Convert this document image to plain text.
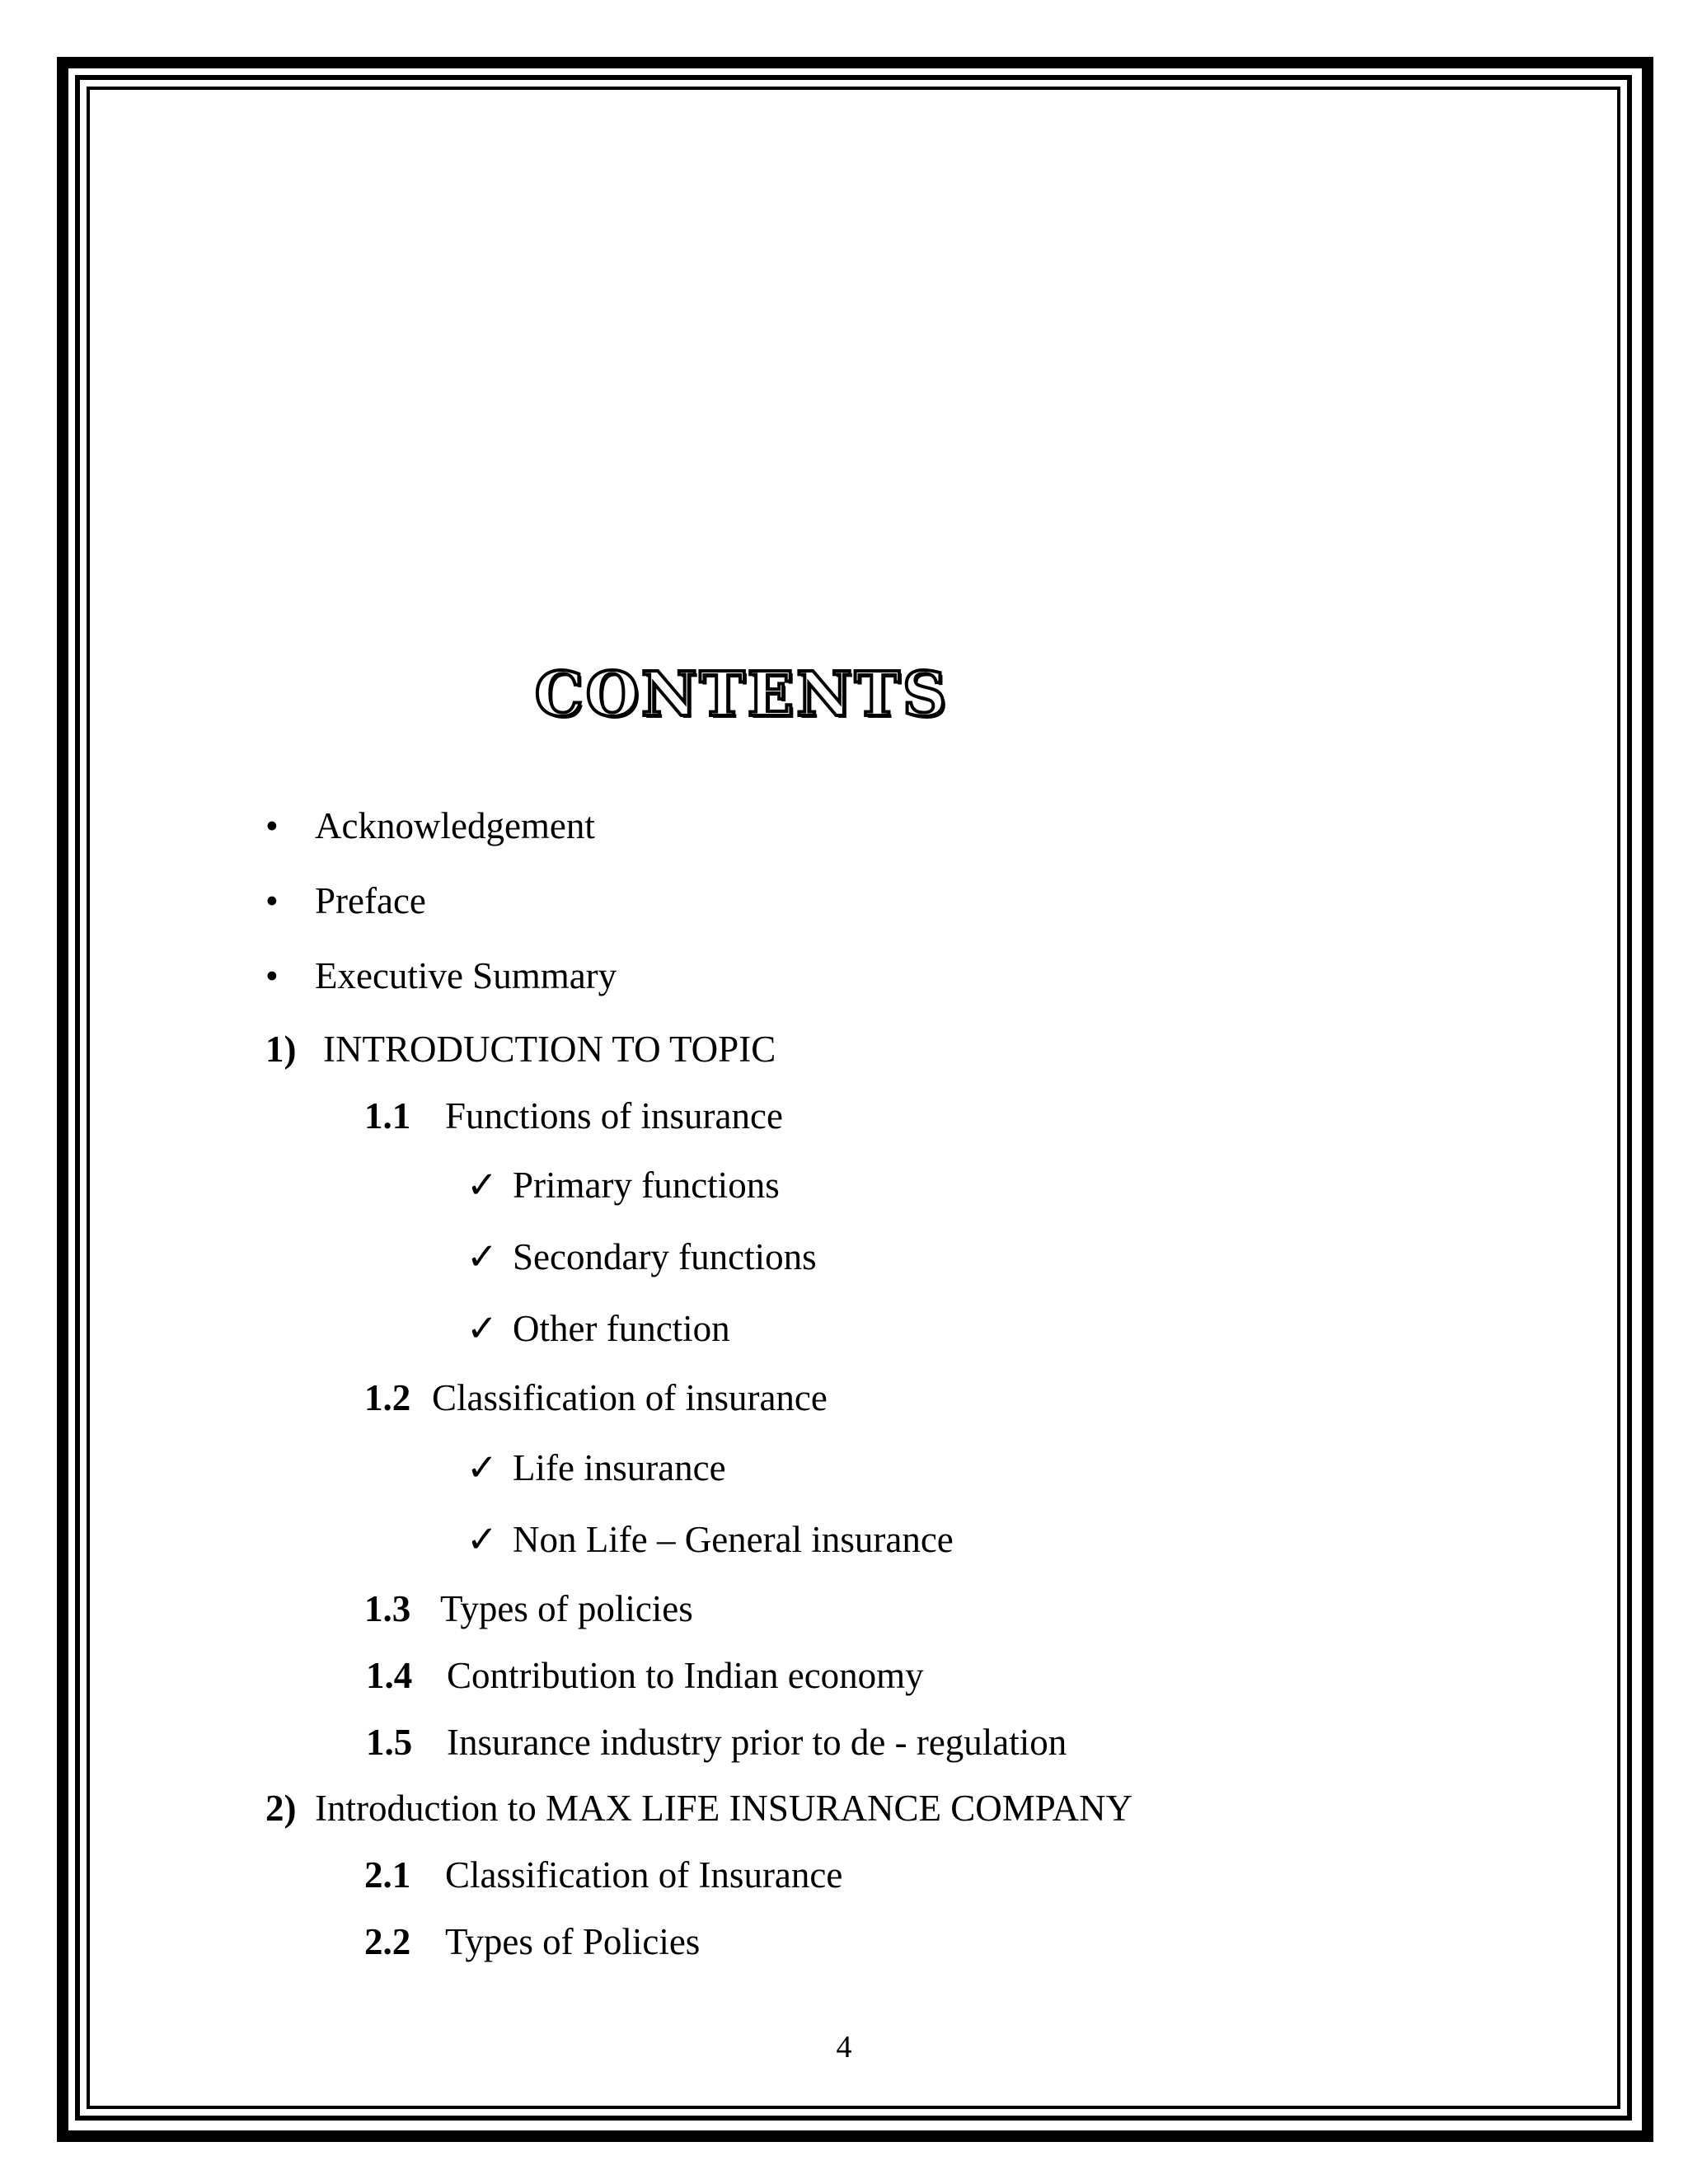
CONTENTS
• Acknowledgement
• Preface
• Executive Summary
1) INTRODUCTION TO TOPIC
1.1 Functions of insurance
✓ Primary functions
✓ Secondary functions
✓ Other function
1.2 Classification of insurance
✓ Life insurance
✓ Non Life – General insurance
1.3 Types of policies
1.4 Contribution to Indian economy
1.5 Insurance industry prior to de - regulation
2) Introduction to MAX LIFE INSURANCE COMPANY
2.1 Classification of Insurance
2.2 Types of Policies
4
